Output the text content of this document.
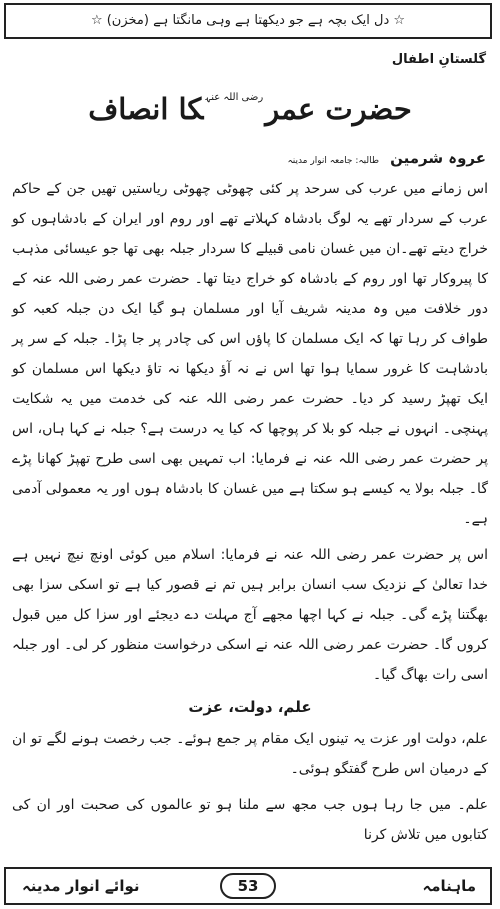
☆ دل ایک بچہ ہے جو دیکھتا ہے وہی مانگتا ہے (مخزن) ☆
گلستانِ اطفال
حضرت عمر$^{رضی اللہ عنہ}$کا انصاف
عروہ شرمین طالبہ: جامعہ انوار مدینہ

اس زمانے میں عرب کی سرحد پر کئی چھوٹی چھوٹی ریاستیں تھیں جن کے حاکم عرب کے سردار تھے یہ لوگ بادشاہ کہلاتے تھے اور روم اور ایران کے بادشاہوں کو خراج دیتے تھے۔ان میں غسان نامی قبیلے کا سردار جبلہ بھی تھا جو عیسائی مذہب کا پیروکار تھا اور روم کے بادشاہ کو خراج دیتا تھا۔ حضرت عمر رضی اللہ عنہ کے دور خلافت میں وہ مدینہ شریف آیا اور مسلمان ہو گیا ایک دن جبلہ کعبہ کو طواف کر رہا تھا کہ ایک مسلمان کا پاؤں اس کی چادر پر جا پڑا۔ جبلہ کے سر پر بادشاہت کا غرور سمایا ہوا تھا اس نے نہ آؤ دیکھا نہ تاؤ دیکھا اس مسلمان کو ایک تھپڑ رسید کر دیا۔ حضرت عمر رضی اللہ عنہ کی خدمت میں یہ شکایت پہنچی۔ انہوں نے جبلہ کو بلا کر پوچھا کہ کیا یہ درست ہے؟ جبلہ نے کہا ہاں، اس پر حضرت عمر رضی اللہ عنہ نے فرمایا: اب تمہیں بھی اسی طرح تھپڑ کھانا پڑے گا۔ جبلہ بولا یہ کیسے ہو سکتا ہے میں غسان کا بادشاہ ہوں اور یہ معمولی آدمی ہے۔

اس پر حضرت عمر رضی اللہ عنہ نے فرمایا: اسلام میں کوئی اونچ نیچ نہیں ہے خدا تعالیٰ کے نزدیک سب انسان برابر ہیں تم نے قصور کیا ہے تو اسکی سزا بھی بھگتنا پڑے گی۔ جبلہ نے کہا اچھا مجھے آج مہلت دے دیجئے اور سزا کل میں قبول کروں گا۔ حضرت عمر رضی اللہ عنہ نے اسکی درخواست منظور کر لی۔ اور جبلہ اسی رات بھاگ گیا۔

علم، دولت، عزت

علم، دولت اور عزت یہ تینوں ایک مقام پر جمع ہوئے۔ جب رخصت ہونے لگے تو ان کے درمیان اس طرح گفتگو ہوئی۔

علم۔ میں جا رہا ہوں جب مجھ سے ملنا ہو تو عالموں کی صحبت اور ان کی کتابوں میں تلاش کرنا

ماہنامہ
53
نوائے انوار مدینہ
